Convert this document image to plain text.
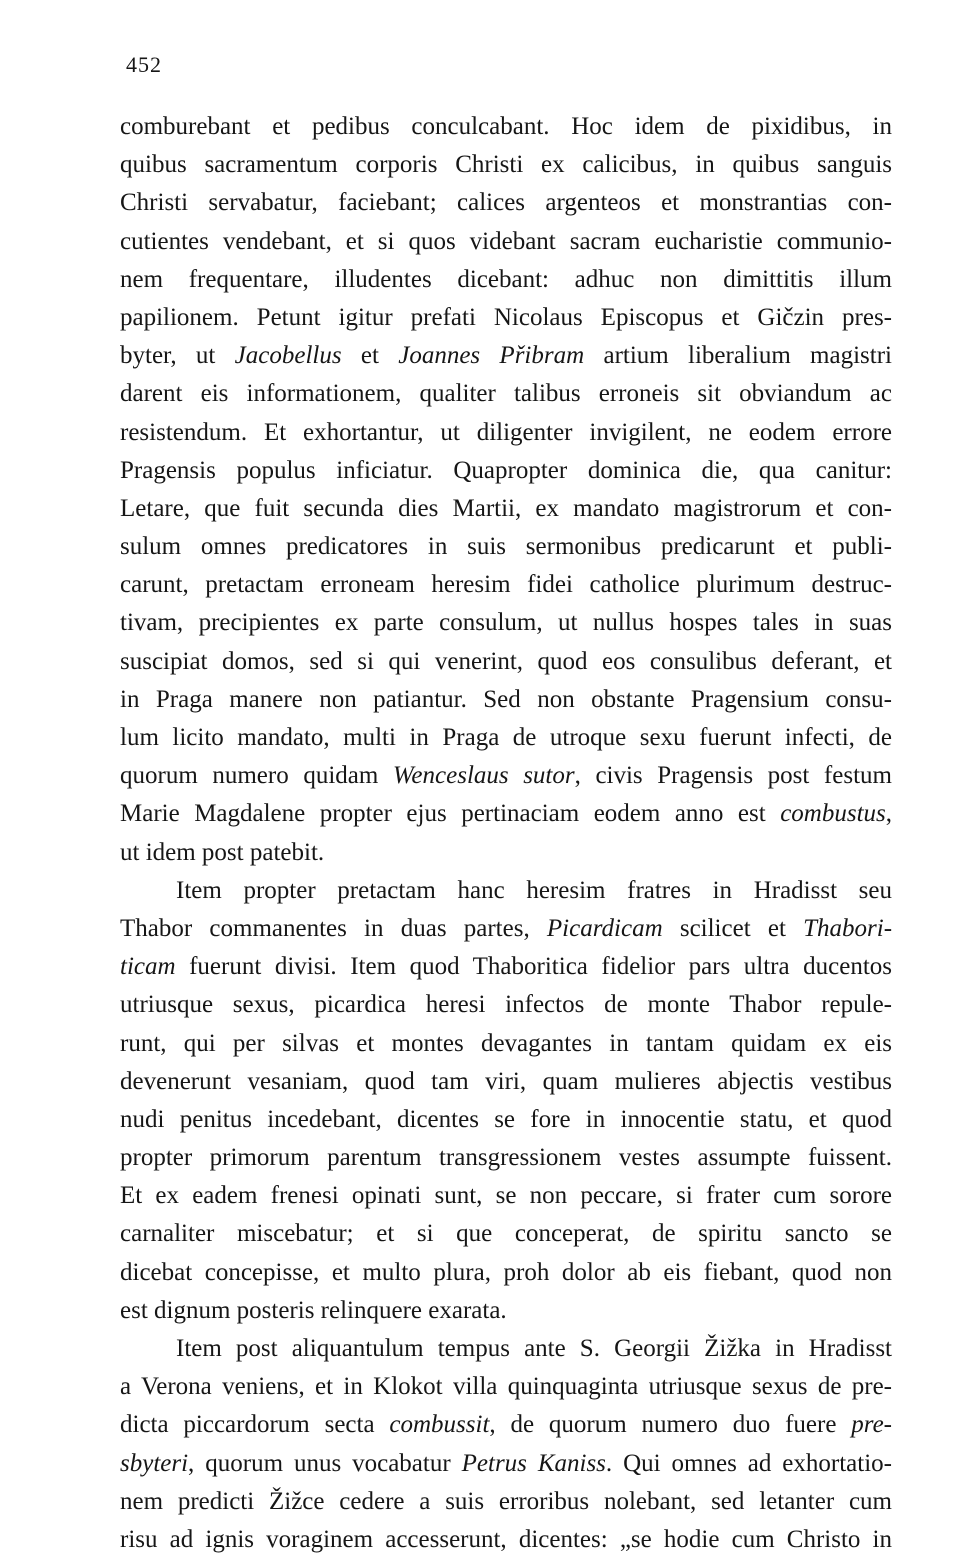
452
comburebant et pedibus conculcabant. Hoc idem de pixidibus, in
quibus sacramentum corporis Christi ex calicibus, in quibus sanguis
Christi servabatur, faciebant; calices argenteos et monstrantias con-
cutientes vendebant, et si quos videbant sacram eucharistie communio-
nem frequentare, illudentes dicebant: adhuc non dimittitis illum
papilionem. Petunt igitur prefati Nicolaus Episcopus et Gičzin pres-
byter, ut Jacobellus et Joannes Přibram artium liberalium magistri
darent eis informationem, qualiter talibus erroneis sit obviandum ac
resistendum. Et exhortantur, ut diligenter invigilent, ne eodem errore
Pragensis populus inficiatur. Quapropter dominica die, qua canitur:
Letare, que fuit secunda dies Martii, ex mandato magistrorum et con-
sulum omnes predicatores in suis sermonibus predicarunt et publi-
carunt, pretactam erroneam heresim fidei catholice plurimum destruc-
tivam, precipientes ex parte consulum, ut nullus hospes tales in suas
suscipiat domos, sed si qui venerint, quod eos consulibus deferant, et
in Praga manere non patiantur. Sed non obstante Pragensium consu-
lum licito mandato, multi in Praga de utroque sexu fuerunt infecti, de
quorum numero quidam Wenceslaus sutor, civis Pragensis post festum
Marie Magdalene propter ejus pertinaciam eodem anno est combustus,
ut idem post patebit.
Item propter pretactam hanc heresim fratres in Hradisst seu
Thabor commanentes in duas partes, Picardicam scilicet et Thabori-
ticam fuerunt divisi. Item quod Thaboritica fidelior pars ultra ducentos
utriusque sexus, picardica heresi infectos de monte Thabor repule-
runt, qui per silvas et montes devagantes in tantam quidam ex eis
devenerunt vesaniam, quod tam viri, quam mulieres abjectis vestibus
nudi penitus incedebant, dicentes se fore in innocentie statu, et quod
propter primorum parentum transgressionem vestes assumpte fuissent.
Et ex eadem frenesi opinati sunt, se non peccare, si frater cum sorore
carnaliter miscebatur; et si que conceperat, de spiritu sancto se
dicebat concepisse, et multo plura, proh dolor ab eis fiebant, quod non
est dignum posteris relinquere exarata.
Item post aliquantulum tempus ante S. Georgii Žižka in Hradisst
a Verona veniens, et in Klokot villa quinquaginta utriusque sexus de pre-
dicta piccardorum secta combussit, de quorum numero duo fuere pre-
sbyteri, quorum unus vocabatur Petrus Kaniss. Qui omnes ad exhortatio-
nem predicti Žižce cedere a suis erroribus nolebant, sed letanter cum
risu ad ignis voraginem accesserunt, dicentes: „se hodie cum Christo in
